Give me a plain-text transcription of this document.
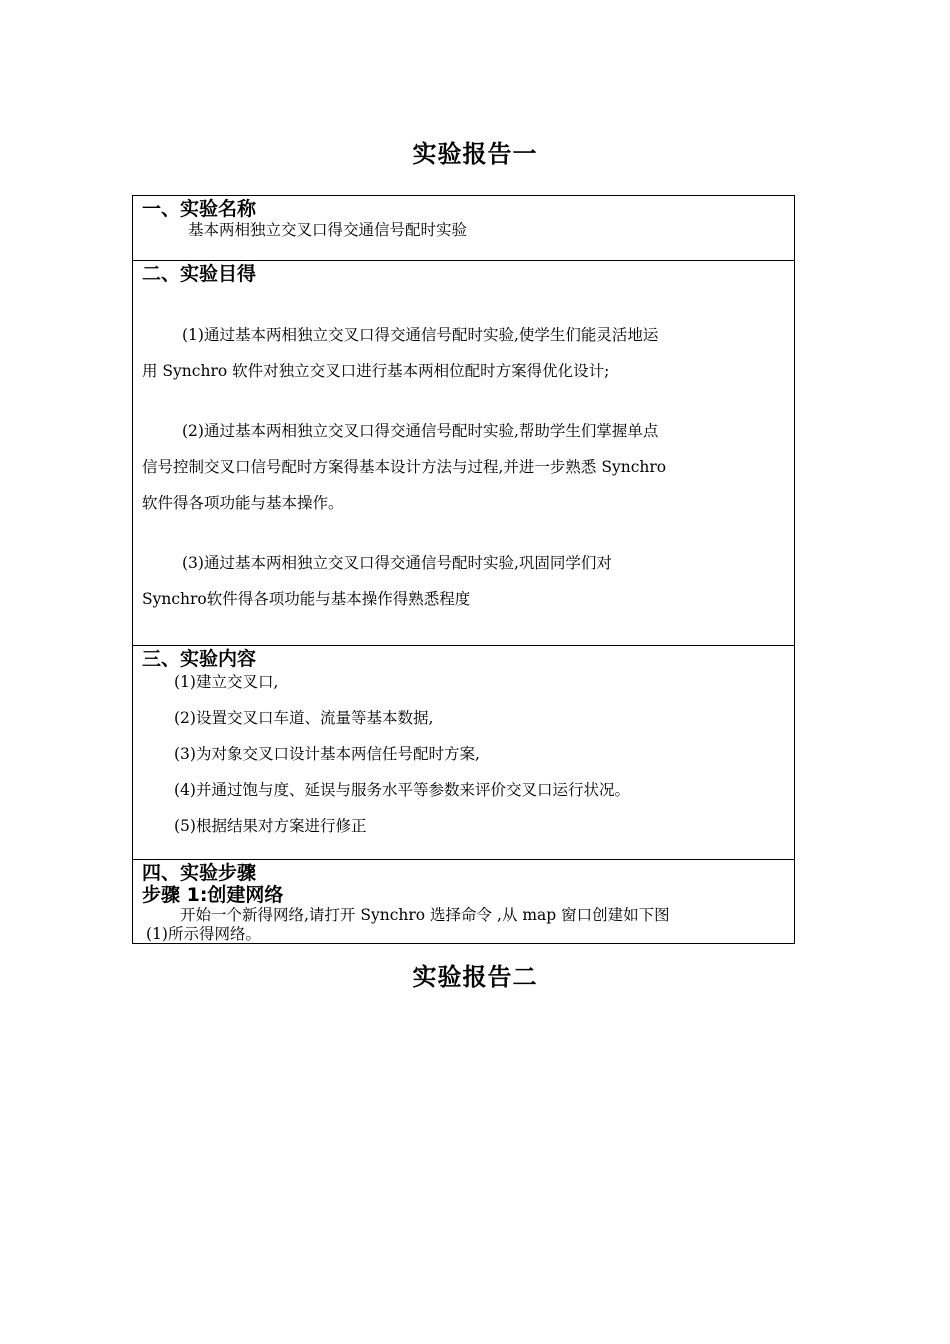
实验报告一
一、实验名称

基本两相独立交叉口得交通信号配时实验

二、实验目得
(1)通过基本两相独立交叉口得交通信号配时实验,使学生们能灵活地运
用 Synchro 软件对独立交叉口进行基本两相位配时方案得优化设计;
(2)通过基本两相独立交叉口得交通信号配时实验,帮助学生们掌握单点
信号控制交叉口信号配时方案得基本设计方法与过程,并进一步熟悉 Synchro
软件得各项功能与基本操作。
(3)通过基本两相独立交叉口得交通信号配时实验,巩固同学们对
Synchro软件得各项功能与基本操作得熟悉程度
三、实验内容
(1)建立交叉口,
(2)设置交叉口车道、流量等基本数据,
(3)为对象交叉口设计基本两信任号配时方案,
(4)并通过饱与度、延误与服务水平等参数来评价交叉口运行状况。
(5)根据结果对方案进行修正
四、实验步骤
步骤 1:创建网络
开始一个新得网络,请打开 Synchro 选择命令 ,从 map 窗口创建如下图
(1)所示得网络。
实验报告二
